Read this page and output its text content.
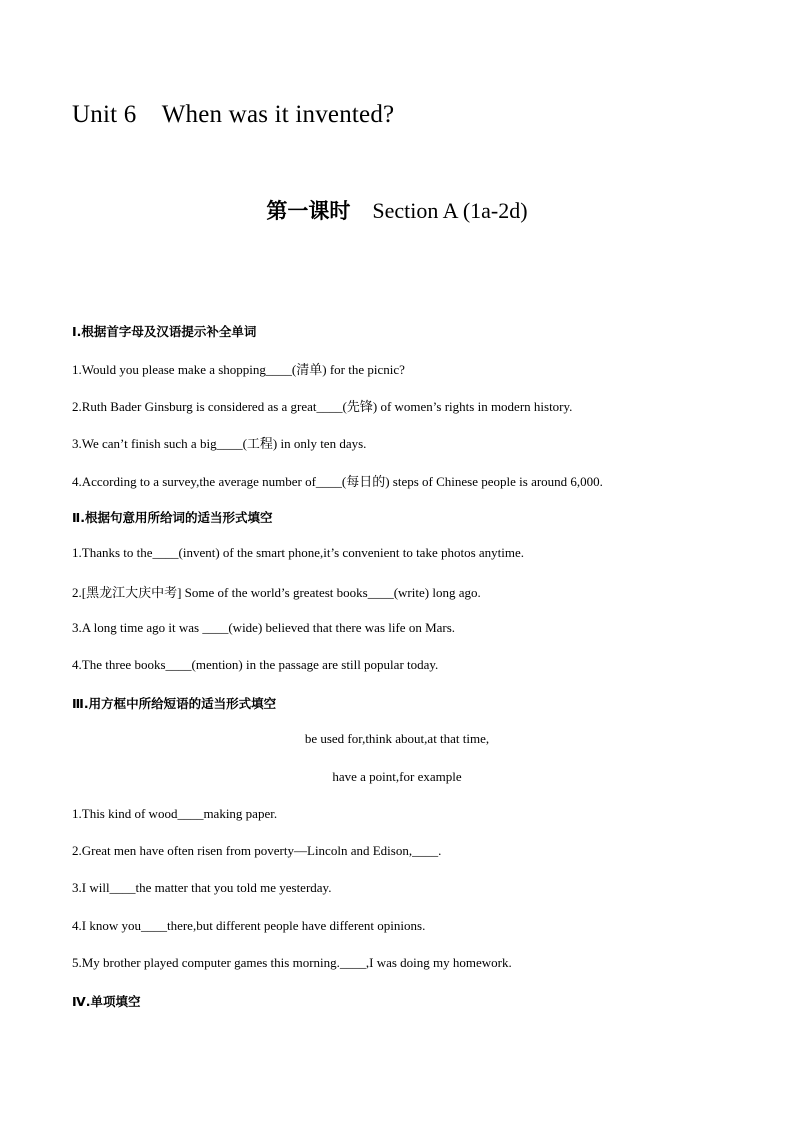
Unit 6    When was it invented?
第一课时 Section A (1a-2d)
Ⅰ.根据首字母及汉语提示补全单词
1.Would you please make a shopping____(清单) for the picnic?
2.Ruth Bader Ginsburg is considered as a great____(先锋) of women’s rights in modern history.
3.We can’t finish such a big____(工程) in only ten days.
4.According to a survey,the average number of____(每日的) steps of Chinese people is around 6,000.
Ⅱ.根据句意用所给词的适当形式填空
1.Thanks to the____(invent) of the smart phone,it’s convenient to take photos anytime.
2.[黑龙江大庆中考] Some of the world’s greatest books____(write) long ago.
3.A long time ago it was ____(wide) believed that there was life on Mars.
4.The three books____(mention) in the passage are still popular today.
Ⅲ.用方框中所给短语的适当形式填空
be used for,think about,at that time,
have a point,for example
1.This kind of wood____making paper.
2.Great men have often risen from poverty—Lincoln and Edison,____.
3.I will____the matter that you told me yesterday.
4.I know you____there,but different people have different opinions.
5.My brother played computer games this morning.____,I was doing my homework.
Ⅳ.单项填空
